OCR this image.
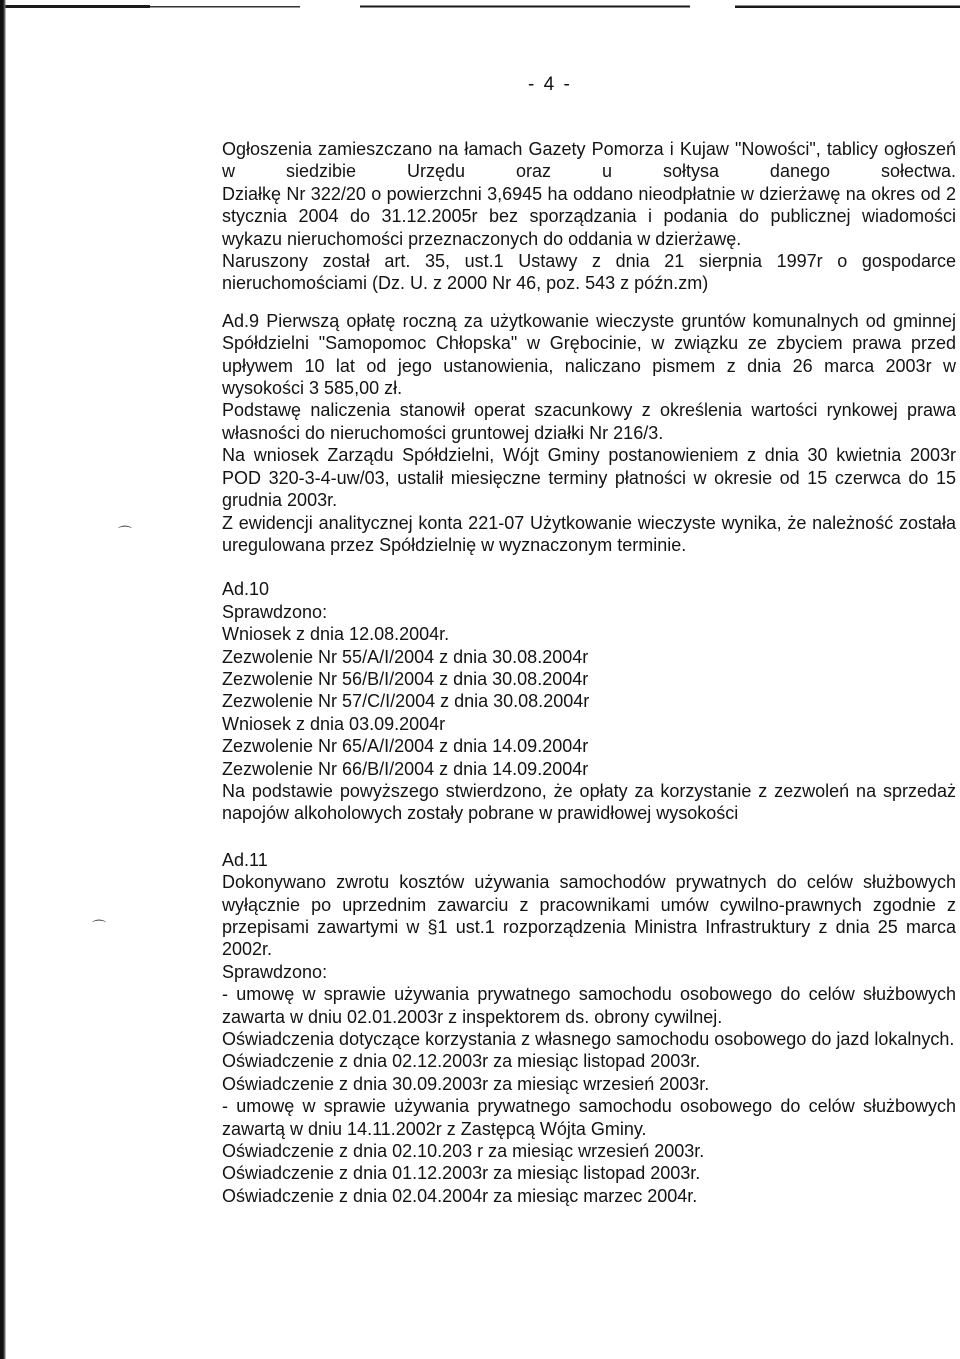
- 4 -
⌒
⌒

Ogłoszenia zamieszczano na łamach Gazety Pomorza i Kujaw "Nowości", tablicy ogłoszeń w siedzibie Urzędu oraz u sołtysa danego sołectwa.

Działkę Nr 322/20 o powierzchni 3,6945 ha oddano nieodpłatnie w dzierżawę na okres od 2 stycznia 2004 do 31.12.2005r bez sporządzania i podania do publicznej wiadomości wykazu nieruchomości przeznaczonych do oddania w dzierżawę.

Naruszony został art. 35, ust.1 Ustawy z dnia 21 sierpnia 1997r o gospodarce nieruchomościami (Dz. U. z 2000 Nr 46, poz. 543 z późn.zm)

Ad.9 Pierwszą opłatę roczną za użytkowanie wieczyste gruntów komunalnych od gminnej Spółdzielni "Samopomoc Chłopska" w Grębocinie, w związku ze zbyciem prawa przed upływem 10 lat od jego ustanowienia, naliczano pismem z dnia 26 marca 2003r w wysokości 3 585,00 zł.

Podstawę naliczenia stanowił operat szacunkowy z określenia wartości rynkowej prawa własności do nieruchomości gruntowej działki Nr 216/3.

Na wniosek Zarządu Spółdzielni, Wójt Gminy postanowieniem z dnia 30 kwietnia 2003r POD 320-3-4-uw/03, ustalił miesięczne terminy płatności w okresie od 15 czerwca do 15 grudnia 2003r.

Z ewidencji analitycznej konta 221-07 Użytkowanie wieczyste wynika, że należność została uregulowana przez Spółdzielnię w wyznaczonym terminie.

Ad.10

Sprawdzono:

Wniosek z dnia 12.08.2004r.

Zezwolenie Nr 55/A/I/2004 z dnia 30.08.2004r

Zezwolenie Nr 56/B/I/2004 z dnia 30.08.2004r

Zezwolenie Nr 57/C/I/2004 z dnia 30.08.2004r

Wniosek z dnia 03.09.2004r

Zezwolenie Nr 65/A/I/2004 z dnia 14.09.2004r

Zezwolenie Nr 66/B/I/2004 z dnia 14.09.2004r

Na podstawie powyższego stwierdzono, że opłaty za korzystanie z zezwoleń na sprzedaż napojów alkoholowych zostały pobrane w prawidłowej wysokości

Ad.11

Dokonywano zwrotu kosztów używania samochodów prywatnych do celów służbowych wyłącznie po uprzednim zawarciu z pracownikami umów cywilno-prawnych zgodnie z przepisami zawartymi w §1 ust.1 rozporządzenia Ministra Infrastruktury z dnia 25 marca 2002r.

Sprawdzono:

- umowę w sprawie używania prywatnego samochodu osobowego do celów służbowych zawarta w dniu 02.01.2003r z inspektorem ds. obrony cywilnej.

Oświadczenia dotyczące korzystania z własnego samochodu osobowego do jazd lokalnych.

Oświadczenie z dnia 02.12.2003r za miesiąc listopad 2003r.

Oświadczenie z dnia 30.09.2003r za miesiąc wrzesień 2003r.

- umowę w sprawie używania prywatnego samochodu osobowego do celów służbowych zawartą w dniu 14.11.2002r z Zastępcą Wójta Gminy.

Oświadczenie z dnia 02.10.203 r za miesiąc wrzesień 2003r.

Oświadczenie z dnia 01.12.2003r za miesiąc listopad 2003r.

Oświadczenie z dnia 02.04.2004r za miesiąc marzec 2004r.
